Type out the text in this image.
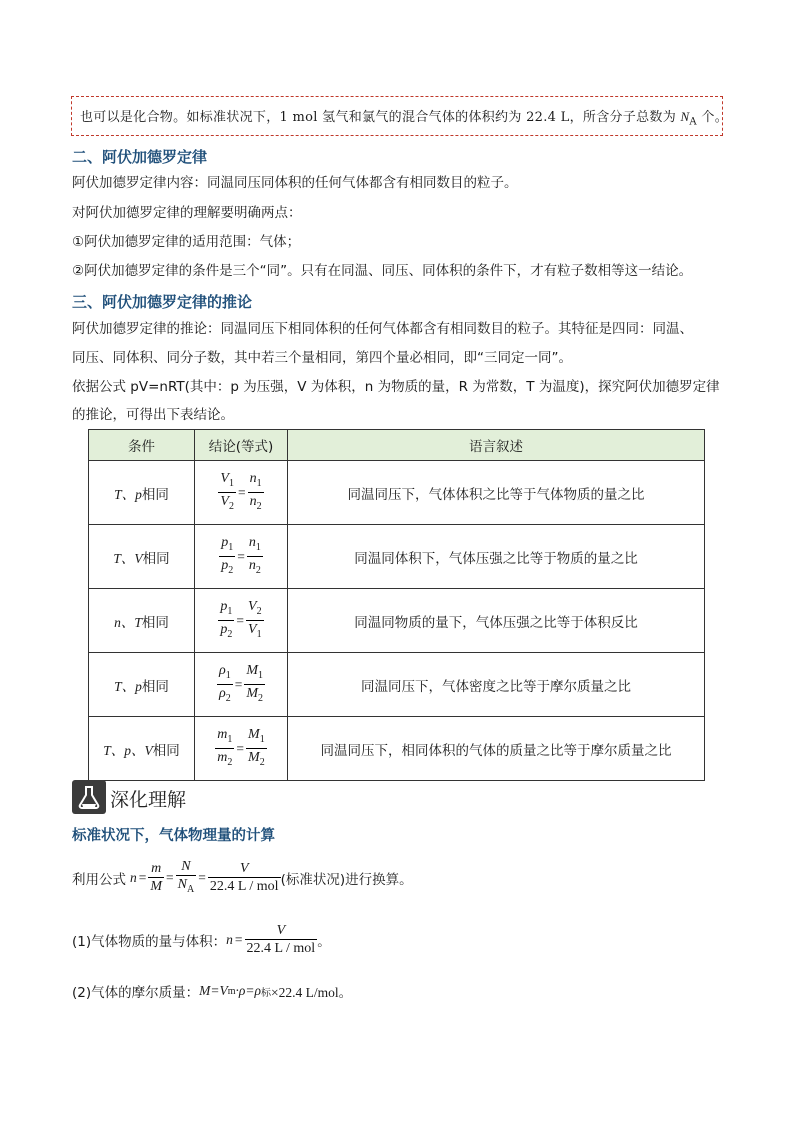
也可以是化合物。如标准状况下，1 mol 氢气和氯气的混合气体的体积约为 22.4 L，所含分子总数为 $N_A$ 个。
二、阿伏加德罗定律
阿伏加德罗定律内容：同温同压同体积的任何气体都含有相同数目的粒子。
对阿伏加德罗定律的理解要明确两点：
①阿伏加德罗定律的适用范围：气体；
②阿伏加德罗定律的条件是三个“同”。只有在同温、同压、同体积的条件下，才有粒子数相等这一结论。
三、阿伏加德罗定律的推论
阿伏加德罗定律的推论：同温同压下相同体积的任何气体都含有相同数目的粒子。其特征是四同：同温、
同压、同体积、同分子数，其中若三个量相同，第四个量必相同，即“三同定一同”。
依据公式 pV=nRT(其中：p 为压强，V 为体积，n 为物质的量，R 为常数，T 为温度)，探究阿伏加德罗定律
的推论，可得出下表结论。
条件	结论(等式)	语言叙述
T、p相同	$\frac{V_1}{V_2} = \frac{n_1}{n_2}$	同温同压下，气体体积之比等于气体物质的量之比
T、V相同	$\frac{p_1}{p_2} = \frac{n_1}{n_2}$	同温同体积下，气体压强之比等于物质的量之比
n、T相同	$\frac{p_1}{p_2} = \frac{V_2}{V_1}$	同温同物质的量下，气体压强之比等于体积反比
T、p相同	$\frac{\rho_1}{\rho_2} = \frac{M_1}{M_2}$	同温同压下，气体密度之比等于摩尔质量之比
T、p、V相同	$\frac{m_1}{m_2} = \frac{M_1}{M_2}$	同温同压下，相同体积的气体的质量之比等于摩尔质量之比
深化理解
标准状况下，气体物理量的计算
利用公式 $n = \frac{m}{M} = \frac{N}{N_A} = \frac{V}{\text{22.4 L / mol}}$ (标准状况)进行换算。
(1)气体物质的量与体积： $n = \frac{V}{\text{22.4 L / mol}}$ 。
(2)气体的摩尔质量： M=V m ·ρ=ρ 标 ×22.4 L/mol。
